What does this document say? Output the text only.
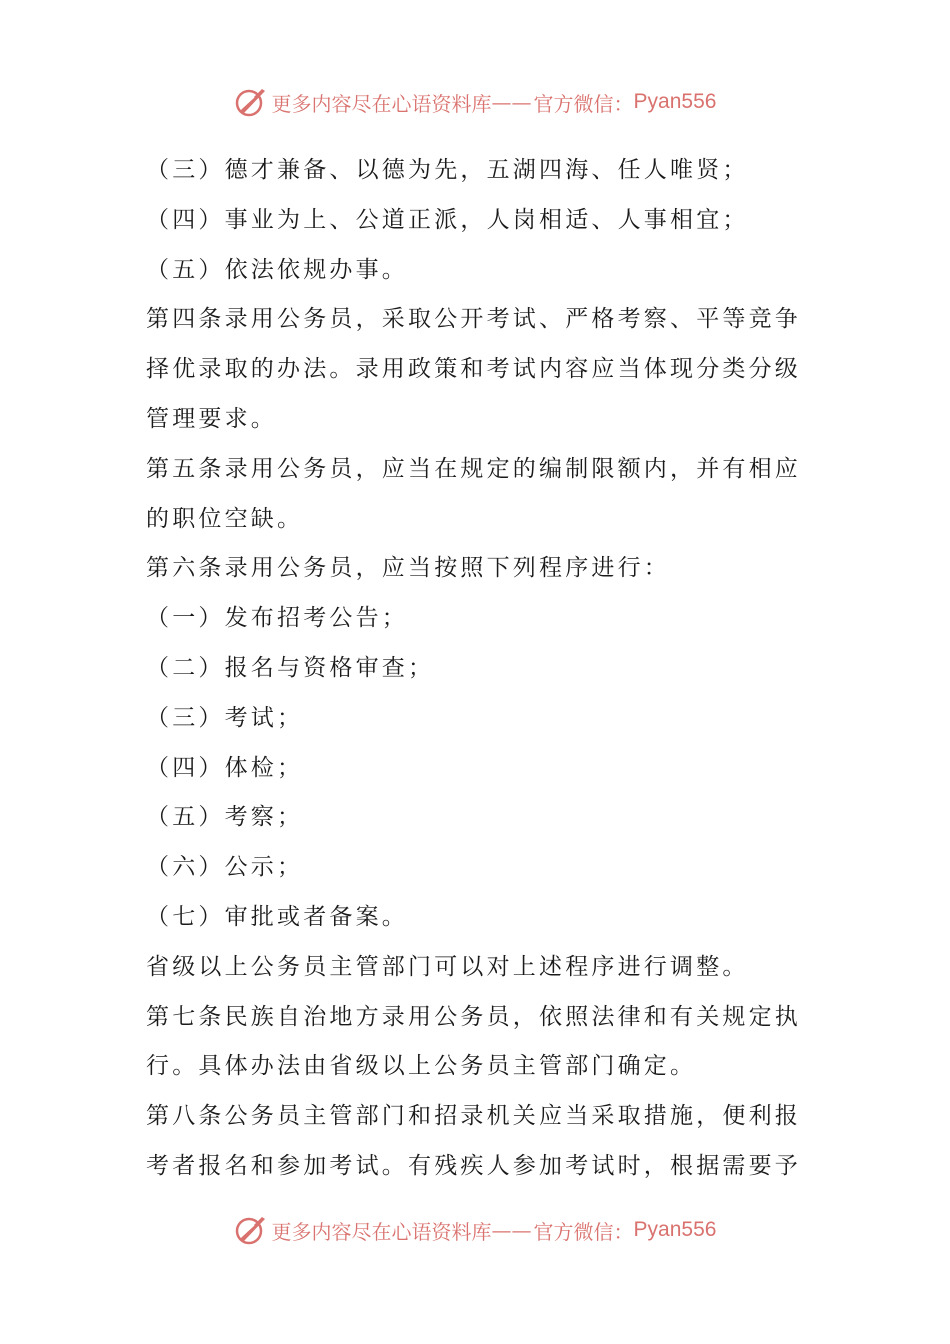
更多内容尽在心语资料库 —— 官方微信： Pyan556
（三）德才兼备、以德为先，五湖四海、任人唯贤；
（四）事业为上、公道正派，人岗相适、人事相宜；
（五）依法依规办事。
第四条录用公务员，采取公开考试、严格考察、平等竞争
择优录取的办法。录用政策和考试内容应当体现分类分级
管理要求。
第五条录用公务员，应当在规定的编制限额内，并有相应
的职位空缺。
第六条录用公务员，应当按照下列程序进行：
（一）发布招考公告；
（二）报名与资格审查；
（三）考试；
（四）体检；
（五）考察；
（六）公示；
（七）审批或者备案。
省级以上公务员主管部门可以对上述程序进行调整。
第七条民族自治地方录用公务员，依照法律和有关规定执
行。具体办法由省级以上公务员主管部门确定。
第八条公务员主管部门和招录机关应当采取措施，便利报
考者报名和参加考试。有残疾人参加考试时，根据需要予
更多内容尽在心语资料库 —— 官方微信： Pyan556
